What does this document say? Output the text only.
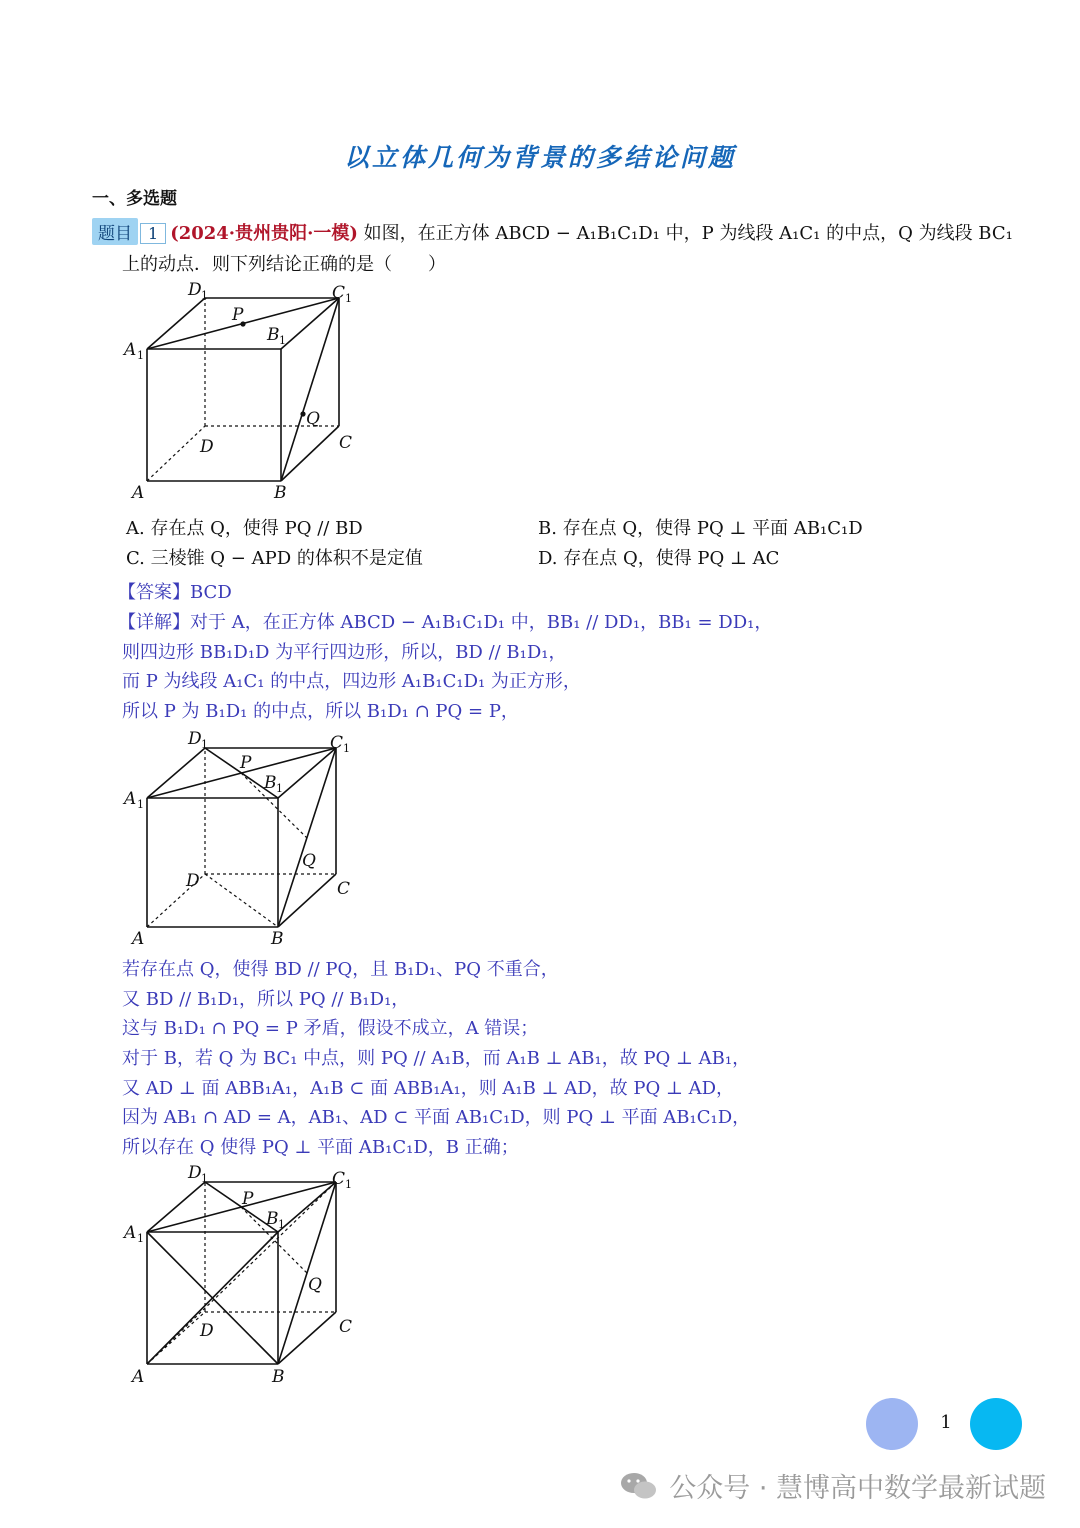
以立体几何为背景的多结论问题
一、多选题
题目 1 (2024·贵州贵阳·一模) 如图，在正方体 ABCD − A₁B₁C₁D₁ 中，P 为线段 A₁C₁ 的中点，Q 为线段 BC₁
上的动点．则下列结论正确的是（　　）
A	B
C
D
A 1
B 1
C 1
D 1
P
Q
A. 存在点 Q，使得 PQ // BD	B. 存在点 Q，使得 PQ ⊥ 平面 AB₁C₁D
C. 三棱锥 Q − APD 的体积不是定值	D. 存在点 Q，使得 PQ ⊥ AC
【答案】BCD
【详解】对于 A，在正方体 ABCD − A₁B₁C₁D₁ 中，BB₁ // DD₁，BB₁ = DD₁，
则四边形 BB₁D₁D 为平行四边形，所以，BD // B₁D₁，
而 P 为线段 A₁C₁ 的中点，四边形 A₁B₁C₁D₁ 为正方形，
所以 P 为 B₁D₁ 的中点，所以 B₁D₁ ∩ PQ = P，
A	B
C
D
A 1
B 1
C 1
D 1
P
Q
若存在点 Q，使得 BD // PQ，且 B₁D₁、PQ 不重合，
又 BD // B₁D₁，所以 PQ // B₁D₁，
这与 B₁D₁ ∩ PQ = P 矛盾，假设不成立，A 错误；
对于 B，若 Q 为 BC₁ 中点，则 PQ // A₁B，而 A₁B ⊥ AB₁，故 PQ ⊥ AB₁，
又 AD ⊥ 面 ABB₁A₁，A₁B ⊂ 面 ABB₁A₁，则 A₁B ⊥ AD，故 PQ ⊥ AD，
因为 AB₁ ∩ AD = A，AB₁、AD ⊂ 平面 AB₁C₁D，则 PQ ⊥ 平面 AB₁C₁D，
所以存在 Q 使得 PQ ⊥ 平面 AB₁C₁D，B 正确；
A	B
C
D
A 1
B 1
C 1
D 1
P
Q
1
公众号 · 慧博高中数学最新试题
